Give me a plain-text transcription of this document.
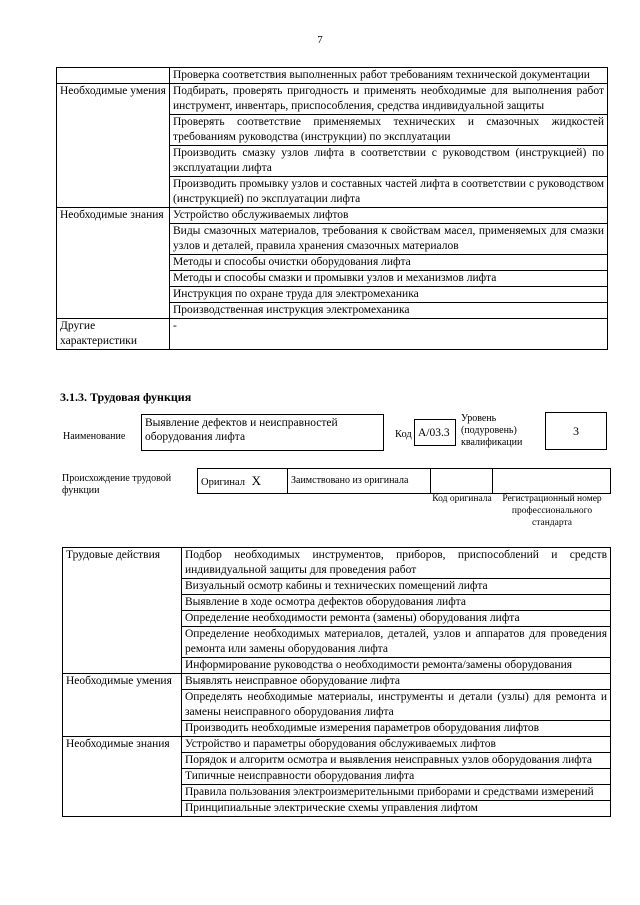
7
	Проверка соответствия выполненных работ требованиям технической документации
Необходимые умения	Подбирать, проверять пригодность и применять необходимые для выполнения работ инструмент, инвентарь, приспособления, средства индивидуальной защиты
	Проверять соответствие применяемых технических и смазочных жидкостей требованиям руководства (инструкции) по эксплуатации
	Производить смазку узлов лифта в соответствии с руководством (инструкцией) по эксплуатации лифта
	Производить промывку узлов и составных частей лифта в соответствии с руководством (инструкцией) по эксплуатации лифта
Необходимые знания	Устройство обслуживаемых лифтов
	Виды смазочных материалов, требования к свойствам масел, применяемых для смазки узлов и деталей, правила хранения смазочных материалов
	Методы и способы очистки оборудования лифта
	Методы и способы смазки и промывки узлов и механизмов лифта
	Инструкция по охране труда для электромеханика
	Производственная инструкция электромеханика
Другие характеристики	-
3.1.3. Трудовая функция
Наименование
Выявление дефектов и неисправностей оборудования лифта	Код А/03.3
Уровень (подуровень) квалификации
3
Происхождение трудовой функции
Оригинал Х	Заимствовано из оригинала
Код оригинала	Регистрационный номер профессионального стандарта
Трудовые действия	Подбор необходимых инструментов, приборов, приспособлений и средств индивидуальной защиты для проведения работ
	Визуальный осмотр кабины и технических помещений лифта
	Выявление в ходе осмотра дефектов оборудования лифта
	Определение необходимости ремонта (замены) оборудования лифта
	Определение необходимых материалов, деталей, узлов и аппаратов для проведения ремонта или замены оборудования лифта
	Информирование руководства о необходимости ремонта/замены оборудования
Необходимые умения	Выявлять неисправное оборудование лифта
	Определять необходимые материалы, инструменты и детали (узлы) для ремонта и замены неисправного оборудования лифта
	Производить необходимые измерения параметров оборудования лифтов
Необходимые знания	Устройство и параметры оборудования обслуживаемых лифтов
	Порядок и алгоритм осмотра и выявления неисправных узлов оборудования лифта
	Типичные неисправности оборудования лифта
	Правила пользования электроизмерительными приборами и средствами измерений
	Принципиальные электрические схемы управления лифтом
